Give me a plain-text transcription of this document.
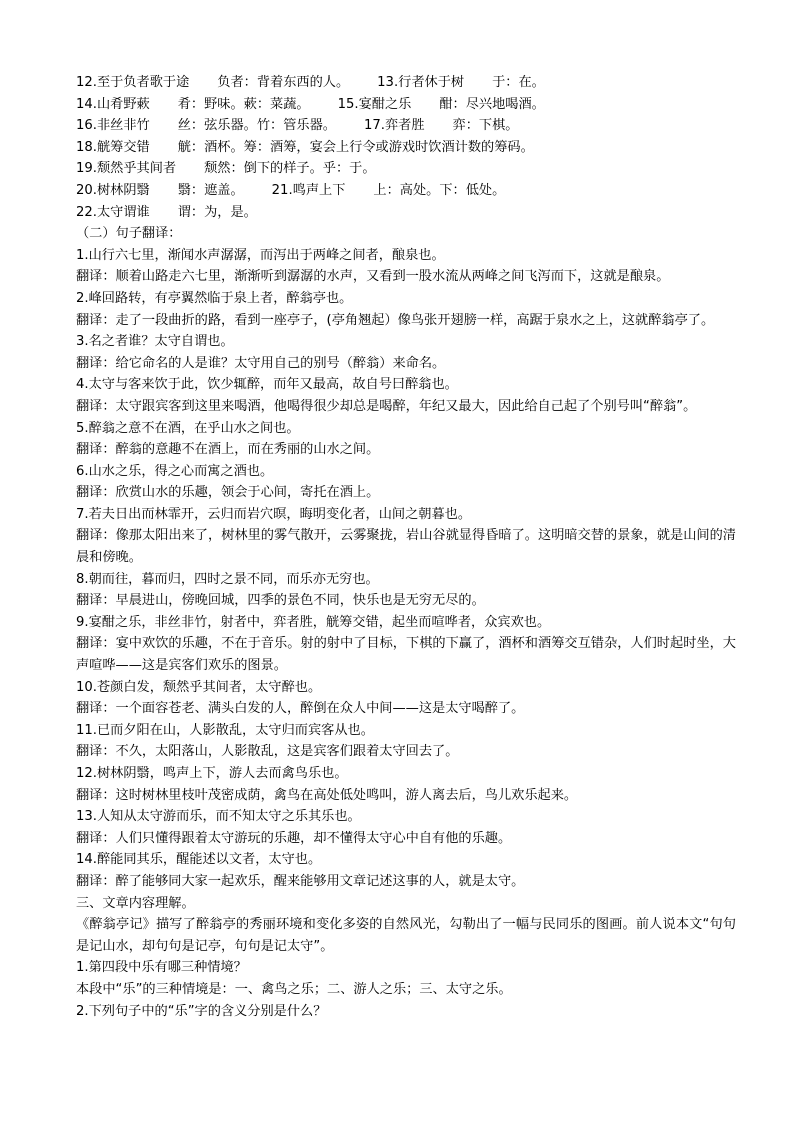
12.至于负者歌于途 负者：背着东西的人。 13.行者休于树 于：在。
14.山肴野蔌 肴：野味。蔌：菜蔬。 15.宴酣之乐 酣：尽兴地喝酒。
16.非丝非竹 丝：弦乐器。竹：管乐器。 17.弈者胜 弈：下棋。
18.觥筹交错 觥：酒杯。筹：酒筹，宴会上行令或游戏时饮酒计数的筹码。
19.颓然乎其间者 颓然：倒下的样子。乎：于。
20.树林阴翳 翳：遮盖。 21.鸣声上下 上：高处。下：低处。
22.太守谓谁 谓：为，是。
（二）句子翻译：
1.山行六七里，渐闻水声潺潺，而泻出于两峰之间者，酿泉也。
翻译：顺着山路走六七里，渐渐听到潺潺的水声，又看到一股水流从两峰之间飞泻而下，这就是酿泉。
2.峰回路转，有亭翼然临于泉上者，醉翁亭也。
翻译：走了一段曲折的路，看到一座亭子，(亭角翘起）像鸟张开翅膀一样，高踞于泉水之上，这就醉翁亭了。
3.名之者谁？太守自谓也。
翻译：给它命名的人是谁？太守用自己的别号（醉翁）来命名。
4.太守与客来饮于此，饮少辄醉，而年又最高，故自号曰醉翁也。
翻译：太守跟宾客到这里来喝酒，他喝得很少却总是喝醉，年纪又最大，因此给自己起了个别号叫“醉翁”。
5.醉翁之意不在酒，在乎山水之间也。
翻译：醉翁的意趣不在酒上，而在秀丽的山水之间。
6.山水之乐，得之心而寓之酒也。
翻译：欣赏山水的乐趣，领会于心间，寄托在酒上。
7.若夫日出而林霏开，云归而岩穴暝，晦明变化者，山间之朝暮也。
翻译：像那太阳出来了，树林里的雾气散开，云雾聚拢，岩山谷就显得昏暗了。这明暗交替的景象，就是山间的清晨和傍晚。
8.朝而往，暮而归，四时之景不同，而乐亦无穷也。
翻译：早晨进山，傍晚回城，四季的景色不同，快乐也是无穷无尽的。
9.宴酣之乐，非丝非竹，射者中，弈者胜，觥筹交错，起坐而喧哗者，众宾欢也。
翻译：宴中欢饮的乐趣，不在于音乐。射的射中了目标，下棋的下赢了，酒杯和酒筹交互错杂，人们时起时坐，大声喧哗——这是宾客们欢乐的图景。
10.苍颜白发，颓然乎其间者，太守醉也。
翻译：一个面容苍老、满头白发的人，醉倒在众人中间——这是太守喝醉了。
11.已而夕阳在山，人影散乱，太守归而宾客从也。
翻译：不久，太阳落山，人影散乱，这是宾客们跟着太守回去了。
12.树林阴翳，鸣声上下，游人去而禽鸟乐也。
翻译：这时树林里枝叶茂密成荫，禽鸟在高处低处鸣叫，游人离去后，鸟儿欢乐起来。
13.人知从太守游而乐，而不知太守之乐其乐也。
翻译：人们只懂得跟着太守游玩的乐趣，却不懂得太守心中自有他的乐趣。
14.醉能同其乐，醒能述以文者，太守也。
翻译：醉了能够同大家一起欢乐，醒来能够用文章记述这事的人，就是太守。
三、文章内容理解。
《醉翁亭记》描写了醉翁亭的秀丽环境和变化多姿的自然风光，勾勒出了一幅与民同乐的图画。前人说本文“句句是记山水，却句句是记亭，句句是记太守”。
1.第四段中乐有哪三种情境？
本段中“乐”的三种情境是：一、禽鸟之乐；二、游人之乐；三、太守之乐。
2.下列句子中的“乐”字的含义分别是什么？
